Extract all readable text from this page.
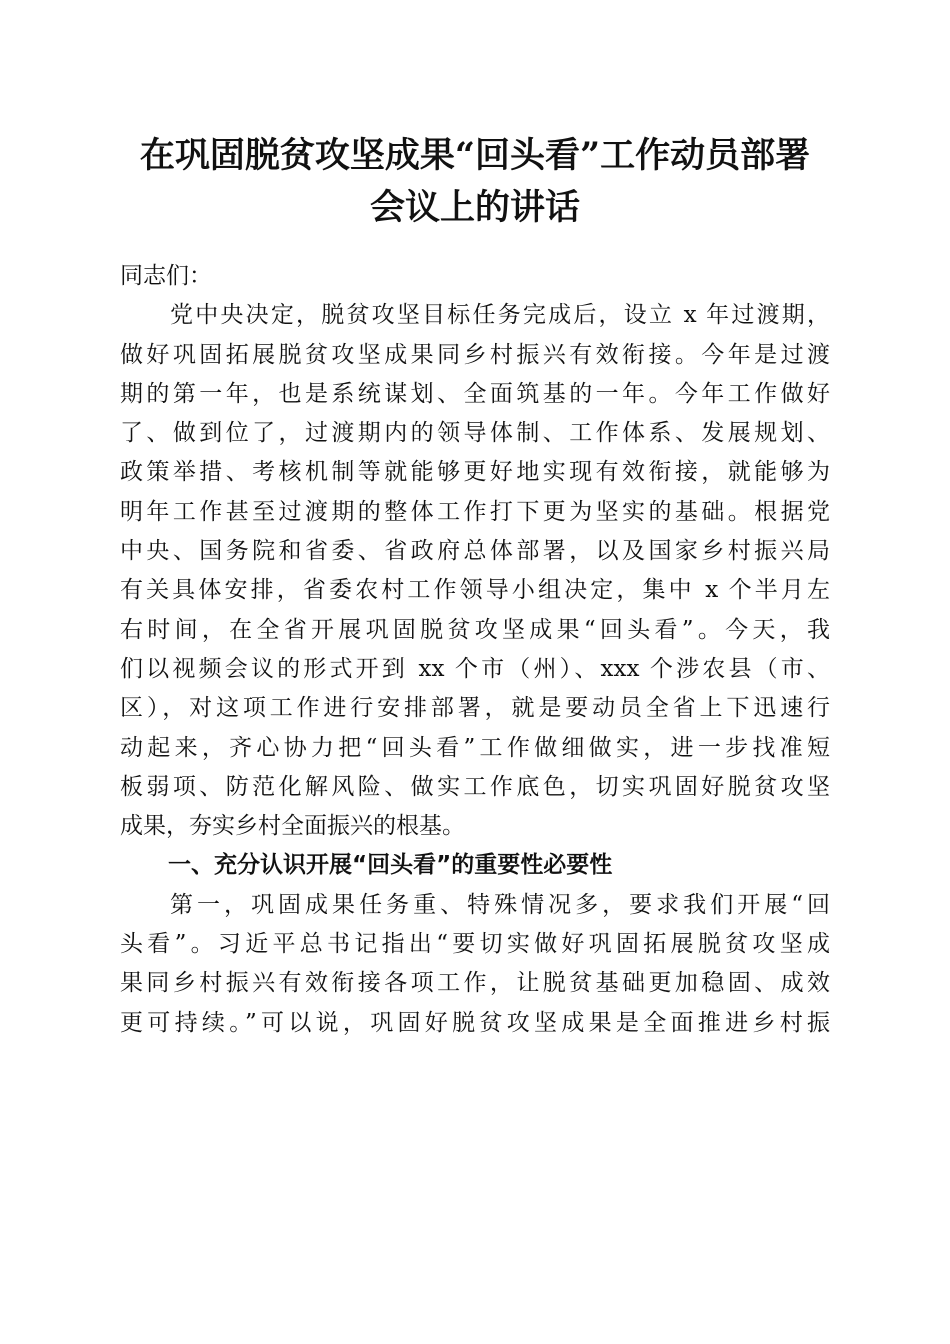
在巩固脱贫攻坚成果“回头看”工作动员部署
会议上的讲话
同志们：
党中央决定，脱贫攻坚目标任务完成后，设立 x 年过渡期，
做好巩固拓展脱贫攻坚成果同乡村振兴有效衔接。今年是过渡
期的第一年，也是系统谋划、全面筑基的一年。今年工作做好
了、做到位了，过渡期内的领导体制、工作体系、发展规划、
政策举措、考核机制等就能够更好地实现有效衔接，就能够为
明年工作甚至过渡期的整体工作打下更为坚实的基础。根据党
中央、国务院和省委、省政府总体部署，以及国家乡村振兴局
有关具体安排，省委农村工作领导小组决定，集中 x 个半月左
右时间，在全省开展巩固脱贫攻坚成果“回头看”。今天，我
们以视频会议的形式开到 xx 个市（州）、xxx 个涉农县（市、
区），对这项工作进行安排部署，就是要动员全省上下迅速行
动起来，齐心协力把“回头看”工作做细做实，进一步找准短
板弱项、防范化解风险、做实工作底色，切实巩固好脱贫攻坚
成果，夯实乡村全面振兴的根基。
一、充分认识开展“回头看”的重要性必要性
第一，巩固成果任务重、特殊情况多，要求我们开展“回
头看”。习近平总书记指出“要切实做好巩固拓展脱贫攻坚成
果同乡村振兴有效衔接各项工作，让脱贫基础更加稳固、成效
更可持续。”可以说，巩固好脱贫攻坚成果是全面推进乡村振
